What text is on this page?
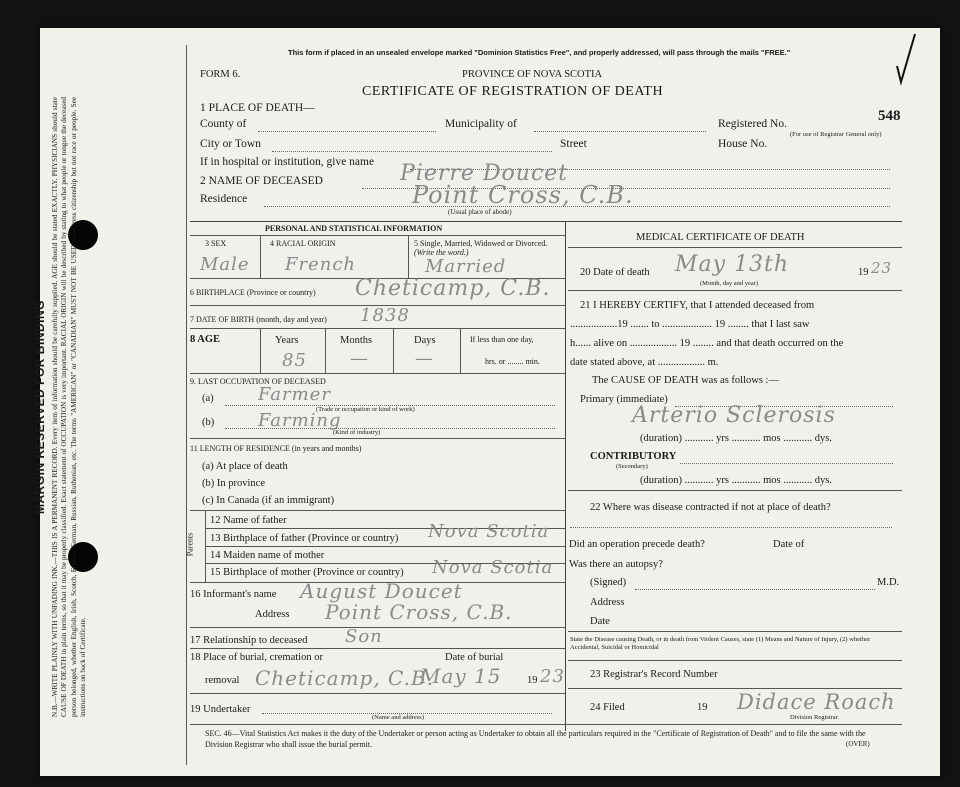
MARGIN RESERVED FOR BINDING N.B.—WRITE PLAINLY WITH UNFADING INK.—THIS IS A PERMANENT RECORD. Every item of information should be carefully supplied. AGE should be stated EXACTLY. PHYSICIANS should state CAUSE OF DEATH in plain terms, so that it may be properly classified. Exact statement of OCCUPATION is very important. RACIAL ORIGIN will be described by stating to what people or tongue the deceased person belonged, whether English, Irish, Scotch, French, German, Russian, Ruthenian, etc. The terms "AMERICAN" or "CANADIAN" MUST NOT BE USED as express citizenship but not race or people. See instructions on back of Certificate.
This form if placed in an unsealed envelope marked "Dominion Statistics Free", and properly addressed, will pass through the mails "FREE."
FORM 6.	PROVINCE OF NOVA SCOTIA
CERTIFICATE OF REGISTRATION OF DEATH
1 PLACE OF DEATH—
County of	Municipality of	Registered No.	548
(For use of Registrar General only)
City or Town	Street	House No.
If in hospital or institution, give name
2 NAME OF DECEASED	Pierre Doucet
Residence	Point Cross, C.B.
(Usual place of abode)
PERSONAL AND STATISTICAL INFORMATION
3 SEX	4 RACIAL ORIGIN	5 Single, Married, Widowed or Divorced. (Write the word.)
Male French	Married
6 BIRTHPLACE (Province or country) Cheticamp, C.B.
7 DATE OF BIRTH (month, day and year) 1838
8 AGE	Years	Months	Days
85 —	—
If less than one day,
hrs. or ........ min.
9. LAST OCCUPATION OF DECEASED
(a) Farmer
(Trade or occupation or kind of work)
(b) Farming
(Kind of industry)
11 LENGTH OF RESIDENCE (in years and months)
(a) At place of death
(b) In province
(c) In Canada (if an immigrant)
Parents
12 Name of father
13 Birthplace of father (Province or country) Nova Scotia
14 Maiden name of mother
15 Birthplace of mother (Province or country) Nova Scotia
16 Informant's name August Doucet
Address Point Cross, C.B.
17 Relationship to deceased Son
18 Place of burial, cremation or	Date of burial
removal Cheticamp, C.B.
May 15 19 23
19 Undertaker
(Name and address)
MEDICAL CERTIFICATE OF DEATH
20 Date of death May 13th	19 23
(Month, day and year)
21 I HEREBY CERTIFY, that I attended deceased from
..................19 ....... to ................... 19 ........ that I last saw
h...... alive on .................. 19 ........ and that death occurred on the
date stated above, at .................. m.
The CAUSE OF DEATH was as follows :—
Primary (immediate)
Arterio Sclerosis
(duration) ........... yrs ........... mos ........... dys.
CONTRIBUTORY
(Secondary)
(duration) ........... yrs ........... mos ........... dys.
22 Where was disease contracted if not at place of death?
Did an operation precede death?	Date of
Was there an autopsy?
(Signed)	M.D.
Address
Date
State the Disease causing Death, or in death from Violent Causes, state (1) Means and Nature of Injury, (2) whether Accidental, Suicidal or Homicidal
23 Registrar's Record Number
24 Filed	19 Didace Roach
Division Registrar.
SEC. 46—Vital Statistics Act makes it the duty of the Undertaker or person acting as Undertaker to obtain all the particulars required in the "Certificate of Registration of Death" and to file the same with the Division Registrar who shall issue the burial permit.	(OVER)
